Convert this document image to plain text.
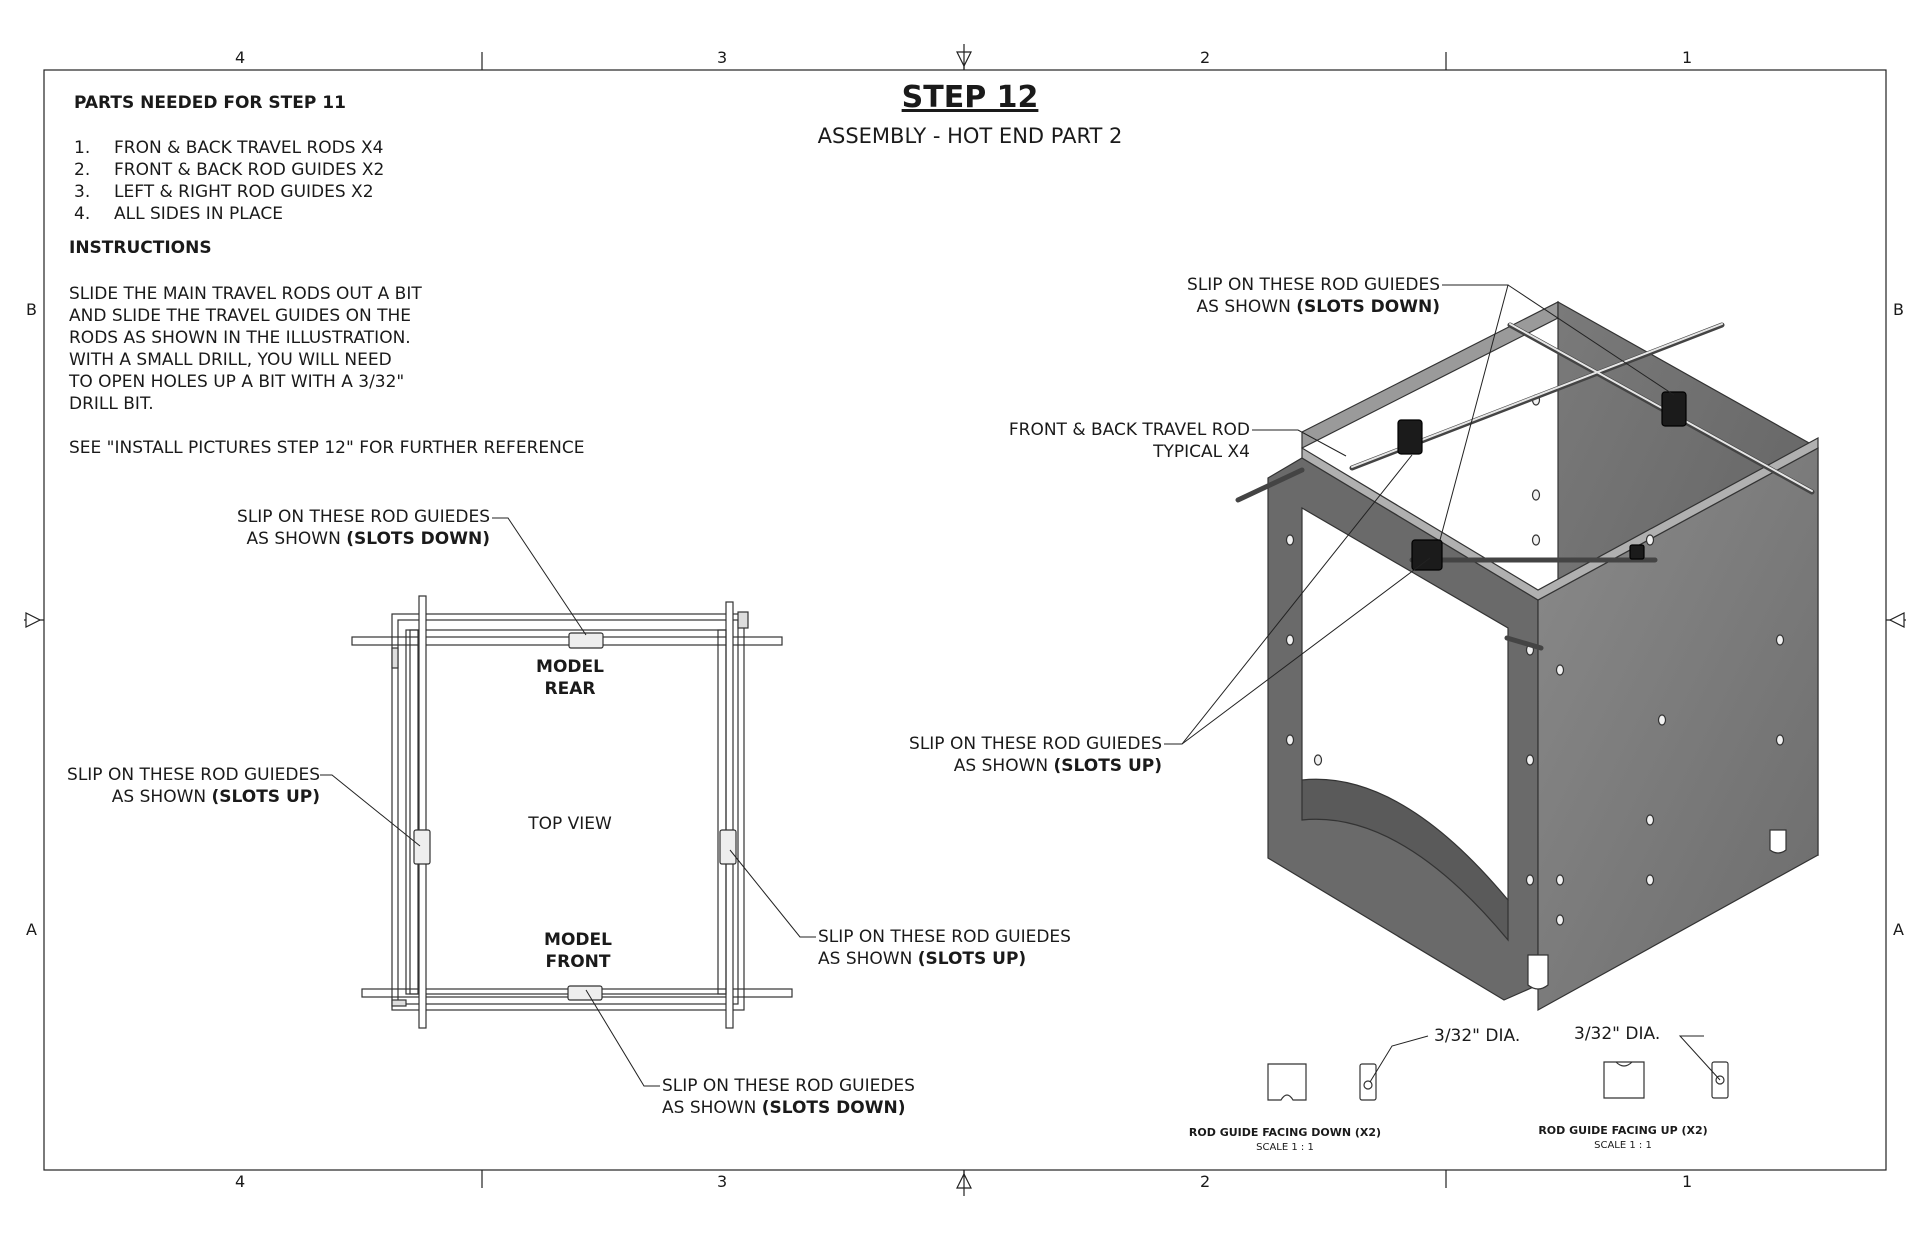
4	3	2	1
4	3	2	1
B
A
B
A
STEP 12
ASSEMBLY - HOT END PART 2
PARTS NEEDED FOR STEP 11
1. FRON & BACK TRAVEL RODS X4
2. FRONT & BACK ROD GUIDES X2
3. LEFT & RIGHT ROD GUIDES X2
4. ALL SIDES IN PLACE
INSTRUCTIONS
SLIDE THE MAIN TRAVEL RODS OUT A BIT
AND SLIDE THE TRAVEL GUIDES ON THE
RODS AS SHOWN IN THE ILLUSTRATION.
WITH A SMALL DRILL, YOU WILL NEED
TO OPEN HOLES UP A BIT WITH A 3/32"
DRILL BIT.
SEE "INSTALL PICTURES STEP 12" FOR FURTHER REFERENCE
MODEL
REAR
TOP VIEW
MODEL
FRONT
SLIP ON THESE ROD GUIEDES
AS SHOWN (SLOTS DOWN)
SLIP ON THESE ROD GUIEDES
AS SHOWN (SLOTS UP)
SLIP ON THESE ROD GUIEDES
AS SHOWN (SLOTS UP)
SLIP ON THESE ROD GUIEDES
AS SHOWN (SLOTS DOWN)
SLIP ON THESE ROD GUIEDES
AS SHOWN (SLOTS DOWN)
FRONT & BACK TRAVEL ROD
TYPICAL X4
SLIP ON THESE ROD GUIEDES
AS SHOWN (SLOTS UP)
3/32" DIA.
ROD GUIDE FACING DOWN (X2)
SCALE 1 : 1
3/32" DIA.
ROD GUIDE FACING UP (X2)
SCALE 1 : 1
